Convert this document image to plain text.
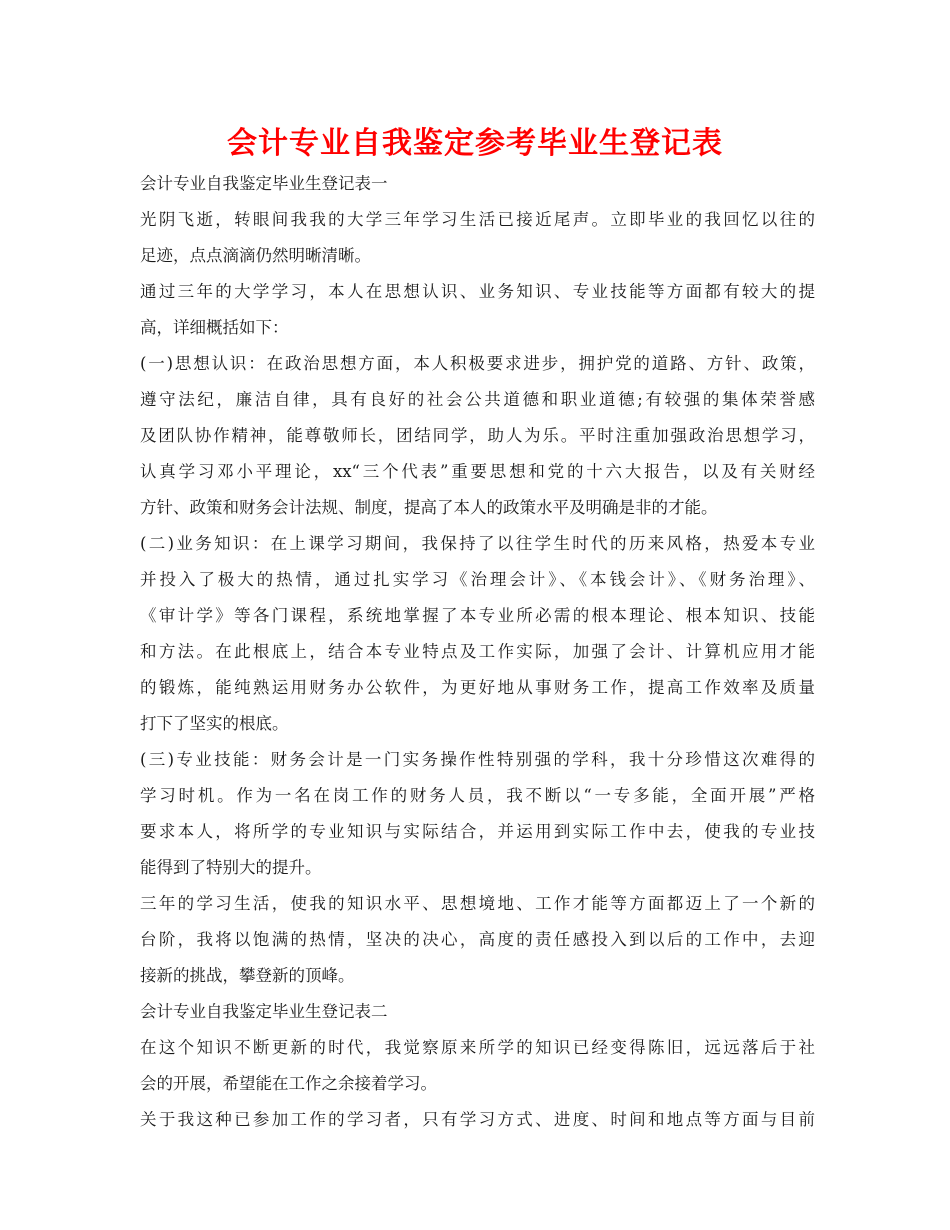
会计专业自我鉴定参考毕业生登记表
会计专业自我鉴定毕业生登记表一
光阴飞逝，转眼间我我的大学三年学习生活已接近尾声。立即毕业的我回忆以往的
足迹，点点滴滴仍然明晰清晰。
通过三年的大学学习，本人在思想认识、业务知识、专业技能等方面都有较大的提
高，详细概括如下：
(一)思想认识：在政治思想方面，本人积极要求进步，拥护党的道路、方针、政策，
遵守法纪，廉洁自律，具有良好的社会公共道德和职业道德;有较强的集体荣誉感
及团队协作精神，能尊敬师长，团结同学，助人为乐。平时注重加强政治思想学习，
认真学习邓小平理论，xx“三个代表”重要思想和党的十六大报告，以及有关财经
方针、政策和财务会计法规、制度，提高了本人的政策水平及明确是非的才能。
(二)业务知识：在上课学习期间，我保持了以往学生时代的历来风格，热爱本专业
并投入了极大的热情，通过扎实学习《治理会计》、《本钱会计》、《财务治理》、
《审计学》等各门课程，系统地掌握了本专业所必需的根本理论、根本知识、技能
和方法。在此根底上，结合本专业特点及工作实际，加强了会计、计算机应用才能
的锻炼，能纯熟运用财务办公软件，为更好地从事财务工作，提高工作效率及质量
打下了坚实的根底。
(三)专业技能：财务会计是一门实务操作性特别强的学科，我十分珍惜这次难得的
学习时机。作为一名在岗工作的财务人员，我不断以“一专多能，全面开展”严格
要求本人，将所学的专业知识与实际结合，并运用到实际工作中去，使我的专业技
能得到了特别大的提升。
三年的学习生活，使我的知识水平、思想境地、工作才能等方面都迈上了一个新的
台阶，我将以饱满的热情，坚决的决心，高度的责任感投入到以后的工作中，去迎
接新的挑战，攀登新的顶峰。
会计专业自我鉴定毕业生登记表二
在这个知识不断更新的时代，我觉察原来所学的知识已经变得陈旧，远远落后于社
会的开展，希望能在工作之余接着学习。
关于我这种已参加工作的学习者，只有学习方式、进度、时间和地点等方面与目前
